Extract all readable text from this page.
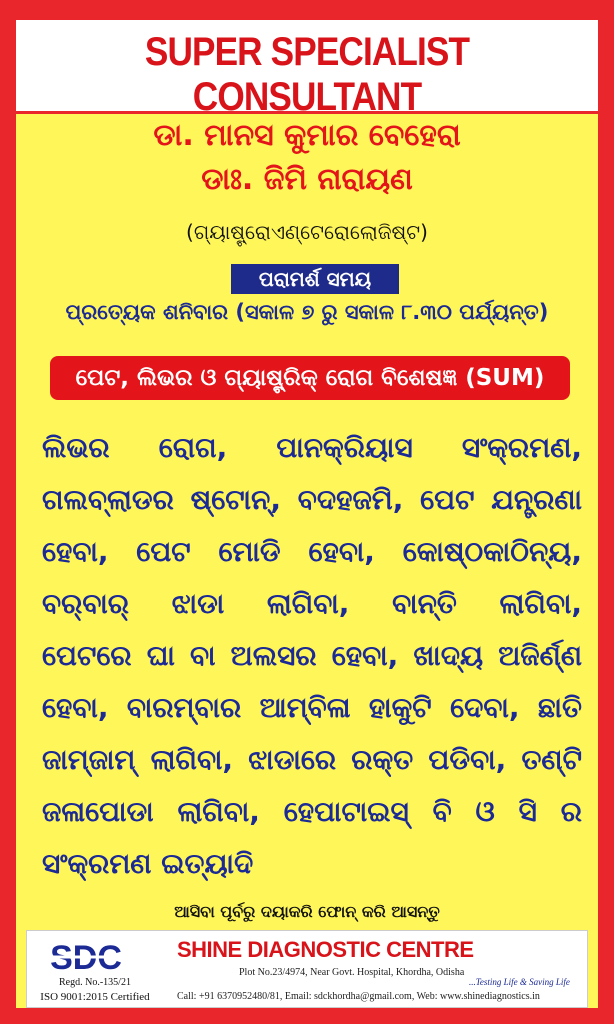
SUPER SPECIALIST CONSULTANT
ଡା. ମାନସ କୁମାର ବେହେରା
ଡାଃ. ଜିମି ନାରାୟଣ
(ଗ୍ୟାଷ୍ଟ୍ରୋଏଣ୍ଟେରୋଲୋଜିଷ୍ଟ)
ପରାମର୍ଶ ସମୟ
ପ୍ରତ୍ୟେକ ଶନିବାର (ସକାଳ ୭ ରୁ ସକାଳ ୮.୩୦ ପର୍ଯ୍ୟନ୍ତ)
ପେଟ, ଲିଭର ଓ ଗ୍ୟାଷ୍ଟ୍ରିକ୍ ରୋଗ ବିଶେଷଜ୍ଞ (SUM)
ଲିଭର ରୋଗ, ପାନକ୍ରିୟାସ ସଂକ୍ରମଣ,
ଗଲବ୍ଲାଡର ଷ୍ଟୋନ୍, ବଦହଜମି, ପେଟ ଯନ୍ତ୍ରଣା
ହେବା, ପେଟ ମୋଡି ହେବା, କୋଷ୍ଠକାଠିନ୍ୟ,
ବର୍‌ବାର୍ ଝାଡା ଲାଗିବା, ବାନ୍ତି ଲାଗିବା,
ପେଟରେ ଘା ବା ଅଲସର ହେବା, ଖାଦ୍ୟ ଅଜିର୍ଣ୍ଣ
ହେବା, ବାରମ୍ବାର ଆମ୍ବିଳା ହାକୁଟି ଦେବା, ଛାତି
ଜାମ୍‌ଜାମ୍ ଲାଗିବା, ଝାଡାରେ ରକ୍ତ ପଡିବା, ତଣ୍ଟି
ଜଳାପୋଡା ଲାଗିବା, ହେପାଟାଇସ୍ ବି ଓ ସି ର
ସଂକ୍ରମଣ ଇତ୍ୟାଦି
ଆସିବା ପୂର୍ବରୁ ଦୟାକରି ଫୋନ୍ କରି ଆସନ୍ତୁ
SDC
Regd. No.-135/21
ISO 9001:2015 Certified
SHINE DIAGNOSTIC CENTRE
Plot No.23/4974, Near Govt. Hospital, Khordha, Odisha
...Testing Life & Saving Life
Call: +91 6370952480/81, Email: sdckhordha@gmail.com, Web: www.shinediagnostics.in
